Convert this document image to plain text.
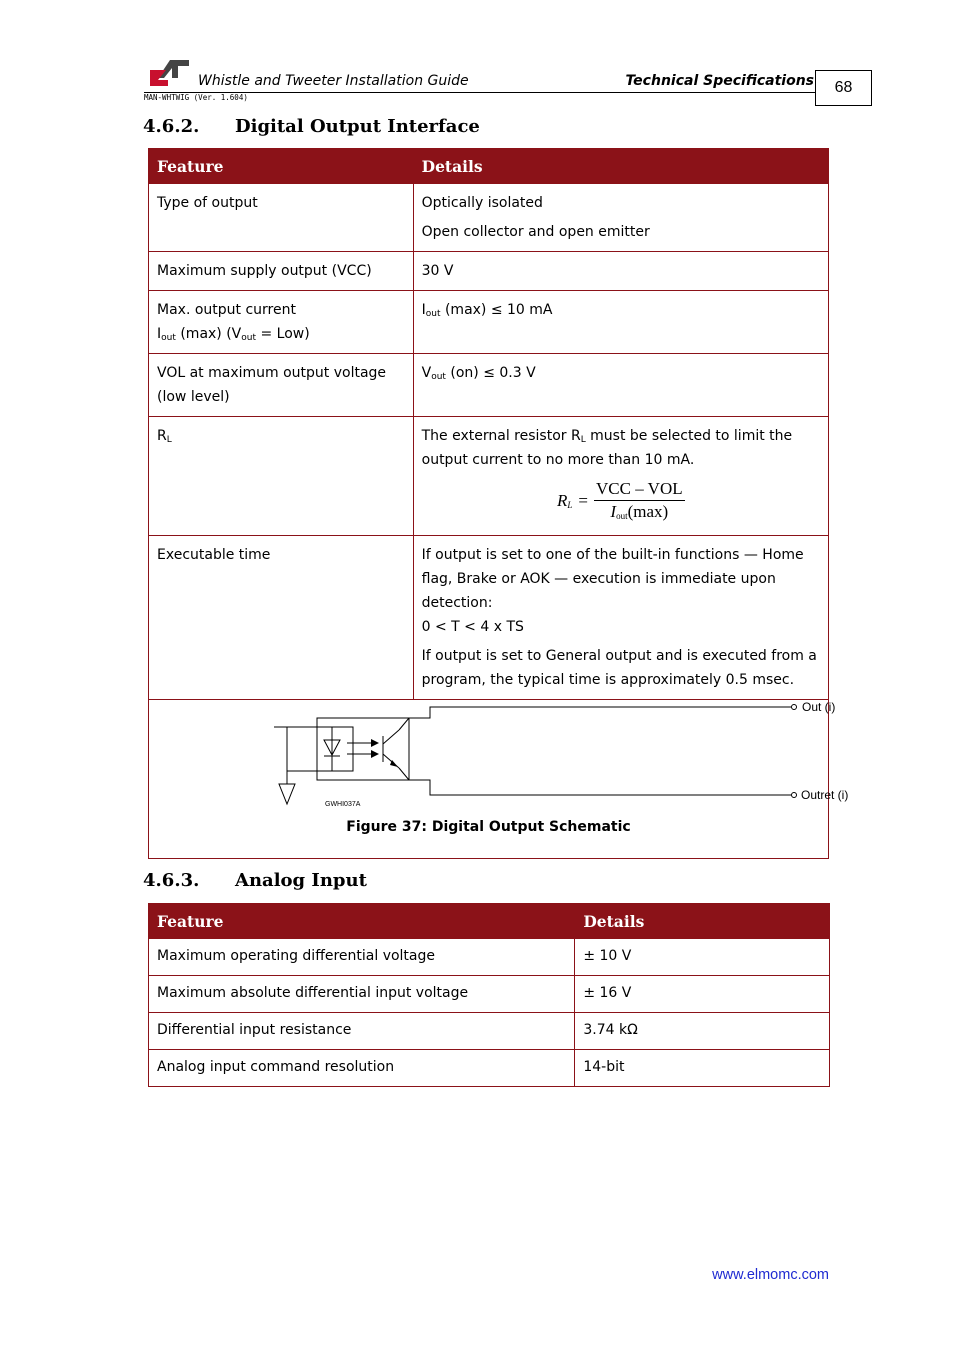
Whistle and Tweeter Installation Guide	Technical Specifications
MAN-WHTWIG (Ver. 1.604)
68
4.6.2. Digital Output Interface
Feature	Details
Type of output	Optically isolated

Open collector and open emitter

Maximum supply output (VCC)	30 V

Max. output current
$I_{out}$ (max) $(V_{out} = Low)$	$I_{out}$ (max) ≤ 10 mA
VOL at maximum output voltage (low level)	$V_{out}$ (on) ≤ 0.3 V
$R_L$	The external resistor $R_L$ must be selected to limit the output current to no more than 10 mA.
$R_L = \frac{\text{VCC – VOL}}{I_{out}(\max)}$

Executable time	If output is set to one of the built-in functions — Home flag, Brake or AOK — execution is immediate upon detection:
0 < T < 4 x TS

If output is set to General output and is executed from a program, the typical time is approximately 0.5 msec.

Out (i)
Outret (i)
GWHI037A
Figure 37: Digital Output Schematic	
4.6.3. Analog Input
Feature	Details
Maximum operating differential voltage	± 10 V
Maximum absolute differential input voltage	± 16 V
Differential input resistance	3.74 kΩ
Analog input command resolution	14-bit
www.elmomc.com
